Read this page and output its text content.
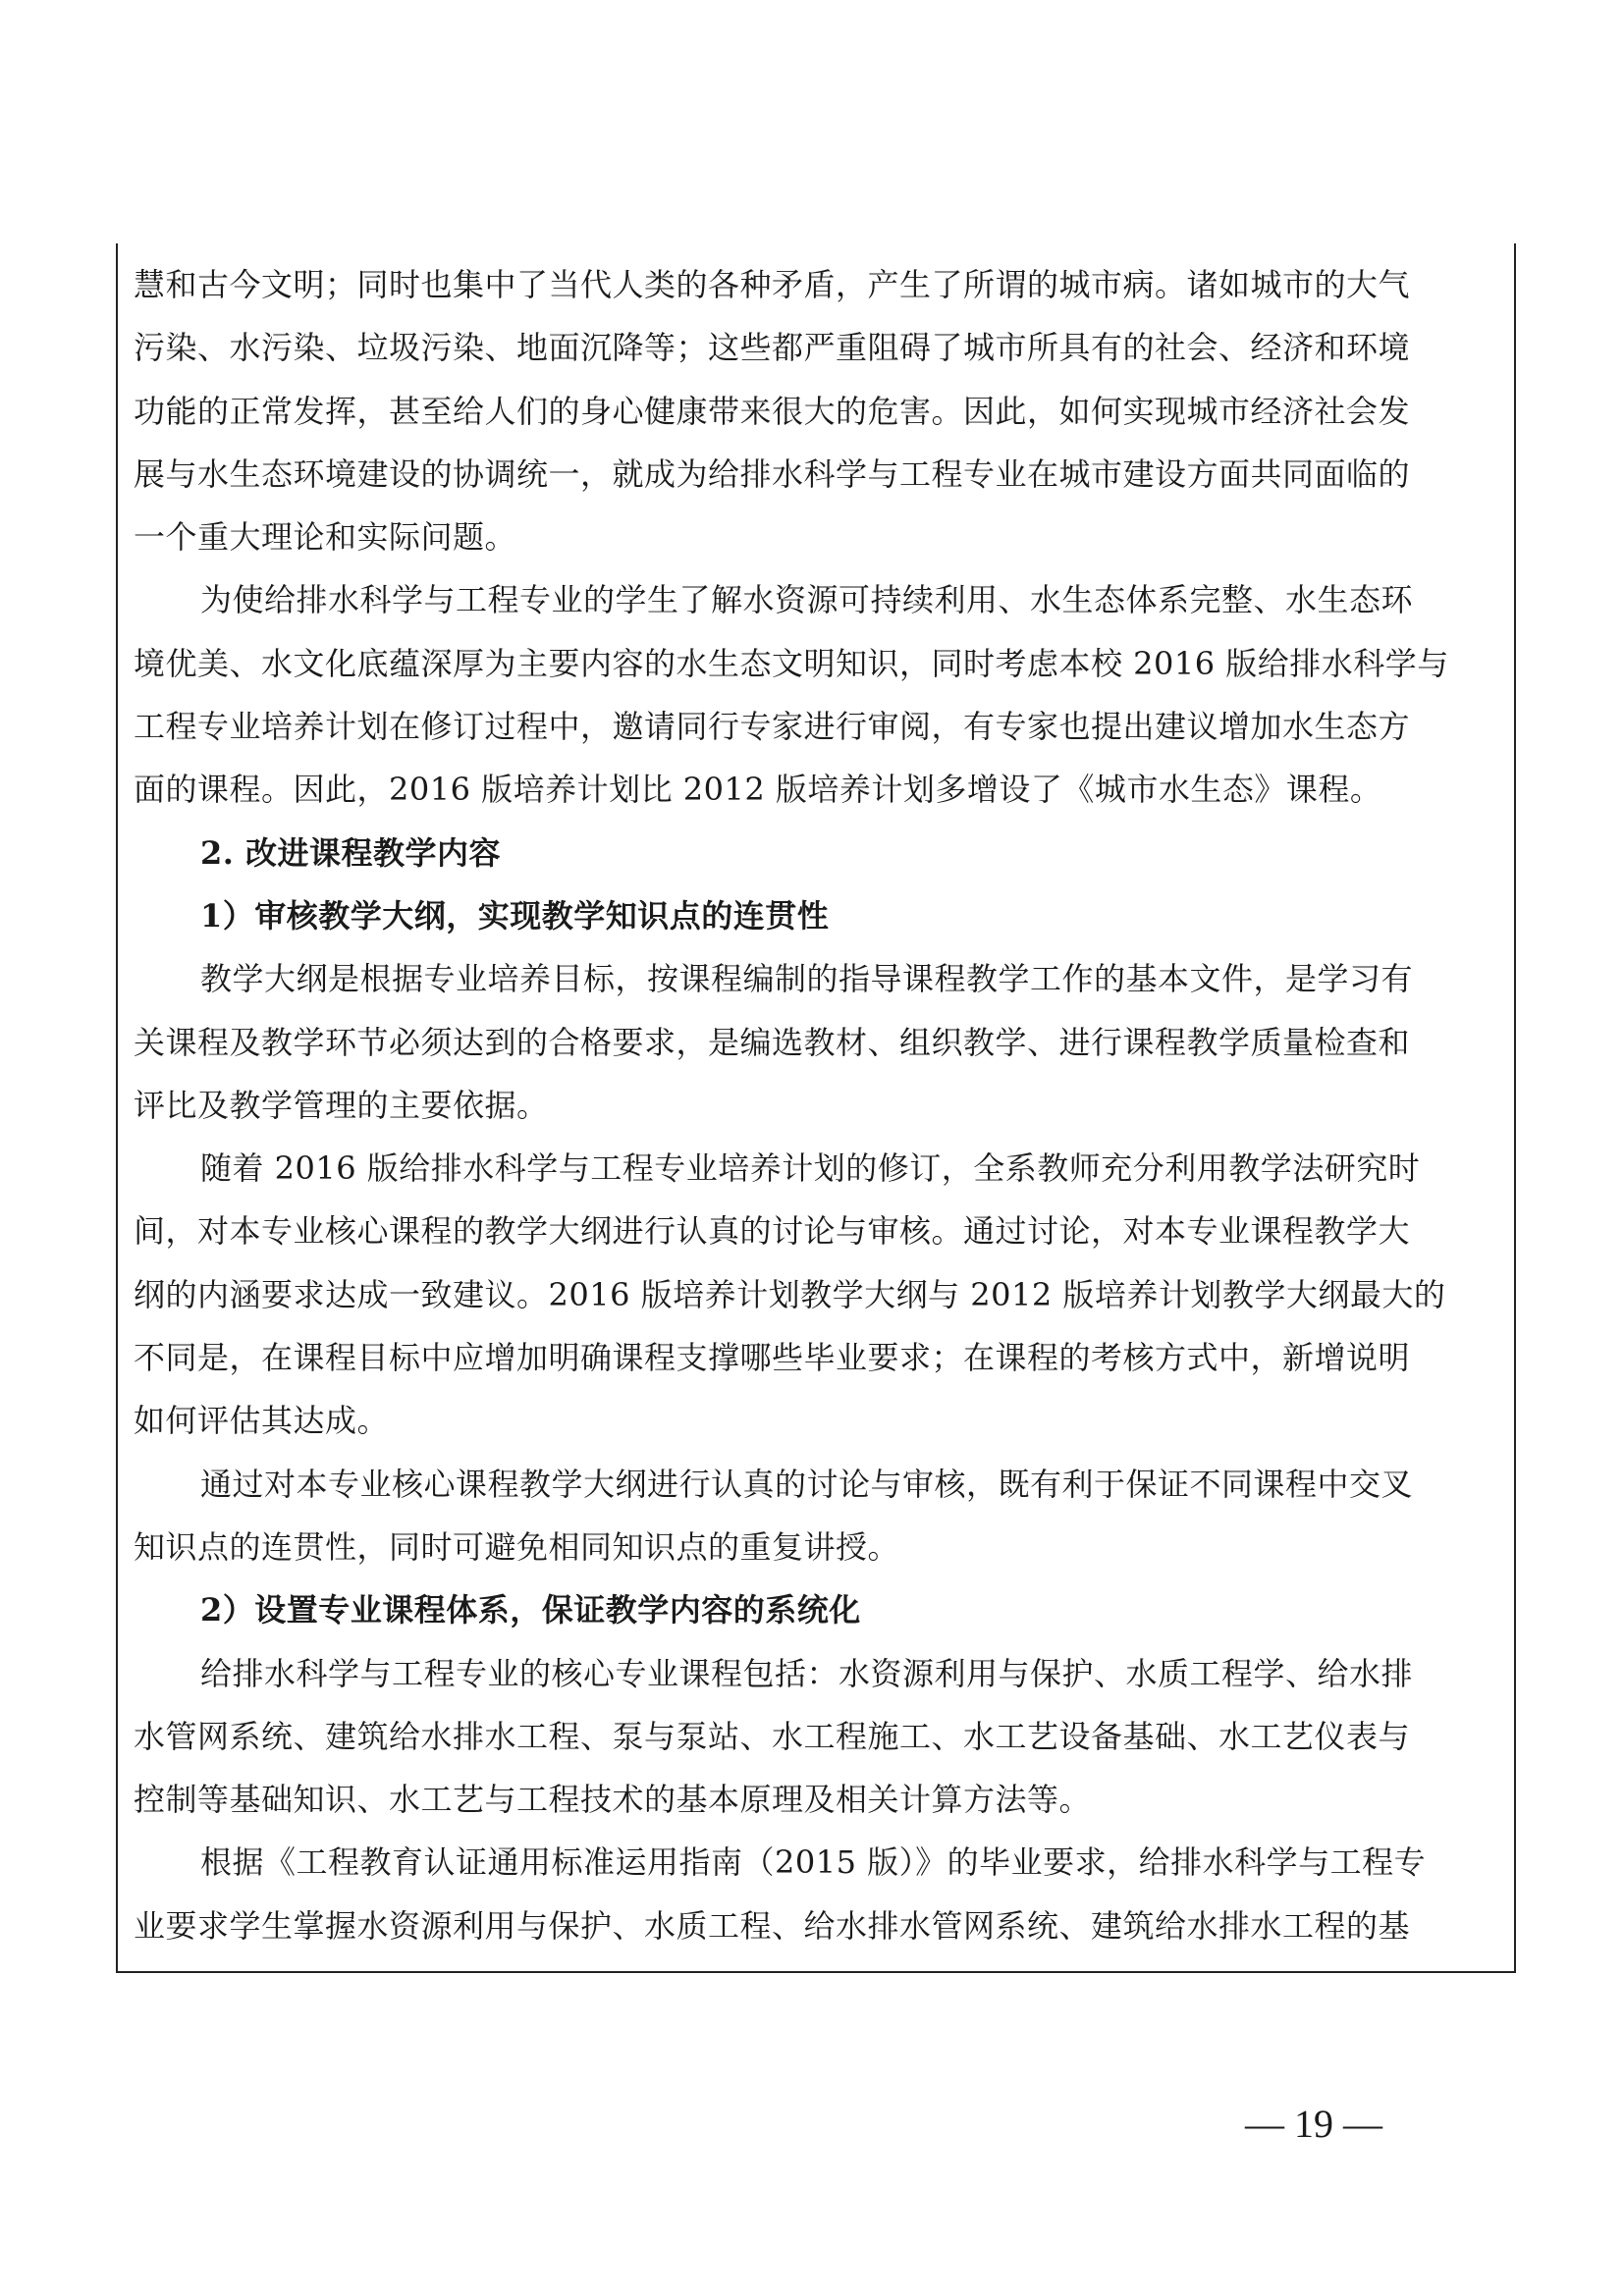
慧和古今文明；同时也集中了当代人类的各种矛盾，产生了所谓的城市病。诸如城市的大气
污染、水污染、垃圾污染、地面沉降等；这些都严重阻碍了城市所具有的社会、经济和环境
功能的正常发挥，甚至给人们的身心健康带来很大的危害。因此，如何实现城市经济社会发
展与水生态环境建设的协调统一，就成为给排水科学与工程专业在城市建设方面共同面临的
一个重大理论和实际问题。
为使给排水科学与工程专业的学生了解水资源可持续利用、水生态体系完整、水生态环
境优美、水文化底蕴深厚为主要内容的水生态文明知识，同时考虑本校 2016 版给排水科学与
工程专业培养计划在修订过程中，邀请同行专家进行审阅，有专家也提出建议增加水生态方
面的课程。因此，2016 版培养计划比 2012 版培养计划多增设了《城市水生态》课程。
2. 改进课程教学内容
1）审核教学大纲，实现教学知识点的连贯性
教学大纲是根据专业培养目标，按课程编制的指导课程教学工作的基本文件，是学习有
关课程及教学环节必须达到的合格要求，是编选教材、组织教学、进行课程教学质量检查和
评比及教学管理的主要依据。
随着 2016 版给排水科学与工程专业培养计划的修订，全系教师充分利用教学法研究时
间，对本专业核心课程的教学大纲进行认真的讨论与审核。通过讨论，对本专业课程教学大
纲的内涵要求达成一致建议。2016 版培养计划教学大纲与 2012 版培养计划教学大纲最大的
不同是，在课程目标中应增加明确课程支撑哪些毕业要求；在课程的考核方式中，新增说明
如何评估其达成。
通过对本专业核心课程教学大纲进行认真的讨论与审核，既有利于保证不同课程中交叉
知识点的连贯性，同时可避免相同知识点的重复讲授。
2）设置专业课程体系，保证教学内容的系统化
给排水科学与工程专业的核心专业课程包括：水资源利用与保护、水质工程学、给水排
水管网系统、建筑给水排水工程、泵与泵站、水工程施工、水工艺设备基础、水工艺仪表与
控制等基础知识、水工艺与工程技术的基本原理及相关计算方法等。
根据《工程教育认证通用标准运用指南（2015 版）》的毕业要求，给排水科学与工程专
业要求学生掌握水资源利用与保护、水质工程、给水排水管网系统、建筑给水排水工程的基
— 19 —
